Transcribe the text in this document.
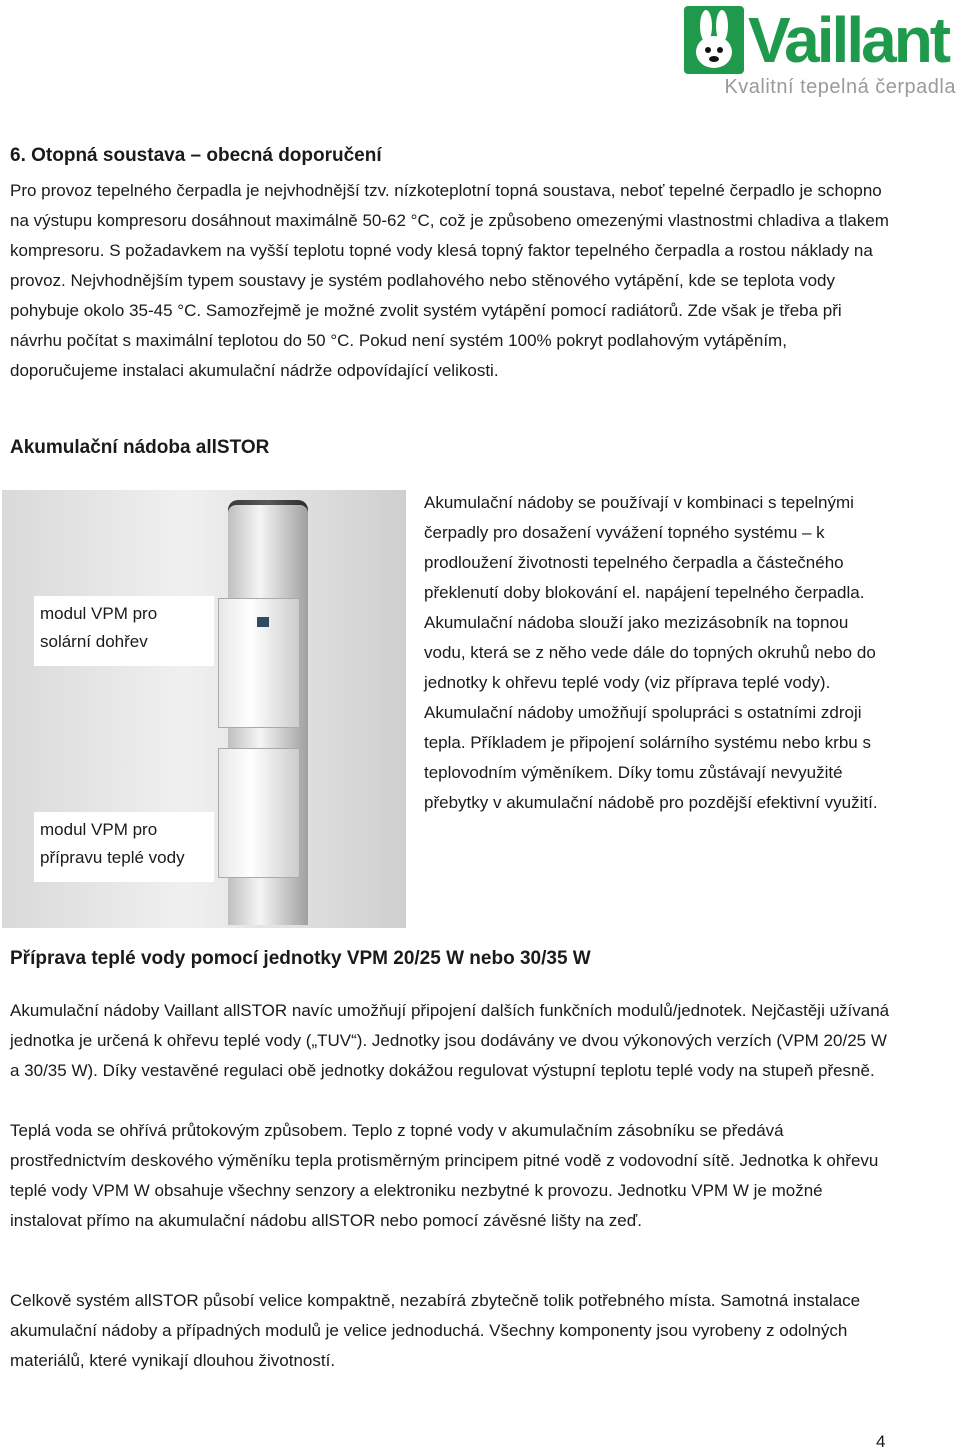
Vaillant
Kvalitní tepelná čerpadla
6. Otopná soustava – obecná doporučení

Pro provoz tepelného čerpadla je nejvhodnější tzv. nízkoteplotní topná soustava, neboť tepelné čerpadlo je schopno na výstupu kompresoru dosáhnout maximálně 50-62 °C, což je způsobeno omezenými vlastnostmi chladiva a tlakem kompresoru. S požadavkem na vyšší teplotu topné vody klesá topný faktor tepelného čerpadla a rostou náklady na provoz. Nejvhodnějším typem soustavy je systém podlahového nebo stěnového vytápění, kde se teplota vody pohybuje okolo 35-45 °C. Samozřejmě je možné zvolit systém vytápění pomocí radiátorů. Zde však je třeba při návrhu počítat s maximální teplotou do 50 °C. Pokud není systém 100% pokryt podlahovým vytápěním, doporučujeme instalaci akumulační nádrže odpovídající velikosti.

Akumulační nádoba allSTOR
modul VPM pro solární dohřev
modul VPM pro přípravu teplé vody

Akumulační nádoby se používají v kombinaci s tepelnými čerpadly pro dosažení vyvážení topného systému – k prodloužení životnosti tepelného čerpadla a částečného překlenutí doby blokování el. napájení tepelného čerpadla. Akumulační nádoba slouží jako mezizásobník na topnou vodu, která se z něho vede dále do topných okruhů nebo do jednotky k ohřevu teplé vody (viz příprava teplé vody). Akumulační nádoby umožňují spolupráci s ostatními zdroji tepla. Příkladem je připojení solárního systému nebo krbu s teplovodním výměníkem. Díky tomu zůstávají nevyužité přebytky v akumulační nádobě pro pozdější efektivní využití.

Příprava teplé vody pomocí jednotky VPM 20/25 W nebo 30/35 W

Akumulační nádoby Vaillant allSTOR navíc umožňují připojení dalších funkčních modulů/jednotek. Nejčastěji užívaná jednotka je určená k ohřevu teplé vody („TUV“). Jednotky jsou dodávány ve dvou výkonových verzích (VPM 20/25 W a 30/35 W). Díky vestavěné regulaci obě jednotky dokážou regulovat výstupní teplotu teplé vody na stupeň přesně.

Teplá voda se ohřívá průtokovým způsobem. Teplo z topné vody v akumulačním zásobníku se předává prostřednictvím deskového výměníku tepla protisměrným principem pitné vodě z vodovodní sítě. Jednotka k ohřevu teplé vody VPM W obsahuje všechny senzory a elektroniku nezbytné k provozu. Jednotku VPM W je možné instalovat přímo na akumulační nádobu allSTOR nebo pomocí závěsné lišty na zeď.

Celkově systém allSTOR působí velice kompaktně, nezabírá zbytečně tolik potřebného místa. Samotná instalace akumulační nádoby a případných modulů je velice jednoduchá. Všechny komponenty jsou vyrobeny z odolných materiálů, které vynikají dlouhou životností.

4
